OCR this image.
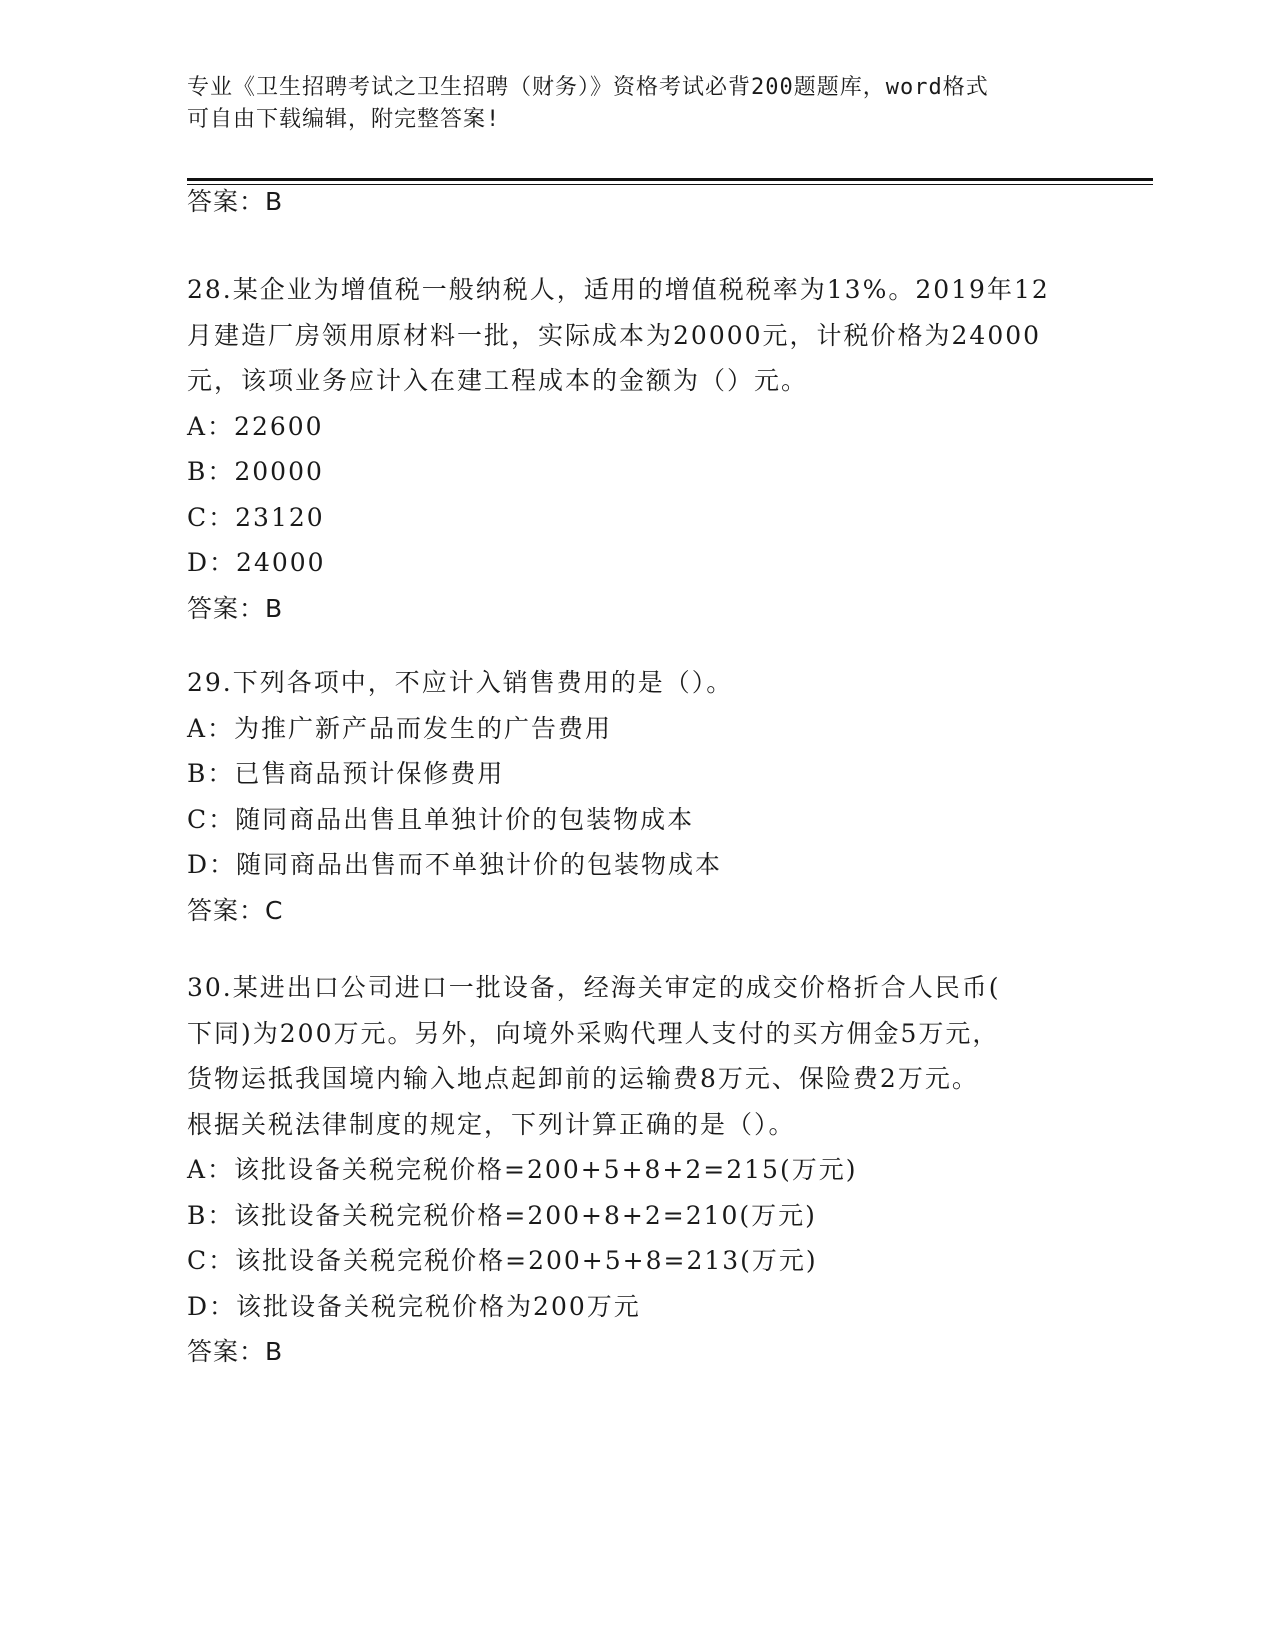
专业《卫生招聘考试之卫生招聘（财务）》资格考试必背200题题库，word格式
可自由下载编辑，附完整答案!
答案：B
28.某企业为增值税一般纳税人，适用的增值税税率为13%。2019年12
月建造厂房领用原材料一批，实际成本为20000元，计税价格为24000
元，该项业务应计入在建工程成本的金额为（）元。
A：22600
B：20000
C：23120
D：24000
答案：B
29.下列各项中，不应计入销售费用的是（）。
A：为推广新产品而发生的广告费用
B：已售商品预计保修费用
C：随同商品出售且单独计价的包装物成本
D：随同商品出售而不单独计价的包装物成本
答案：C
30.某进出口公司进口一批设备，经海关审定的成交价格折合人民币(
下同)为200万元。另外，向境外采购代理人支付的买方佣金5万元，
货物运抵我国境内输入地点起卸前的运输费8万元、保险费2万元。
根据关税法律制度的规定，下列计算正确的是（）。
A：该批设备关税完税价格=200+5+8+2=215(万元)
B：该批设备关税完税价格=200+8+2=210(万元)
C：该批设备关税完税价格=200+5+8=213(万元)
D：该批设备关税完税价格为200万元
答案：B
